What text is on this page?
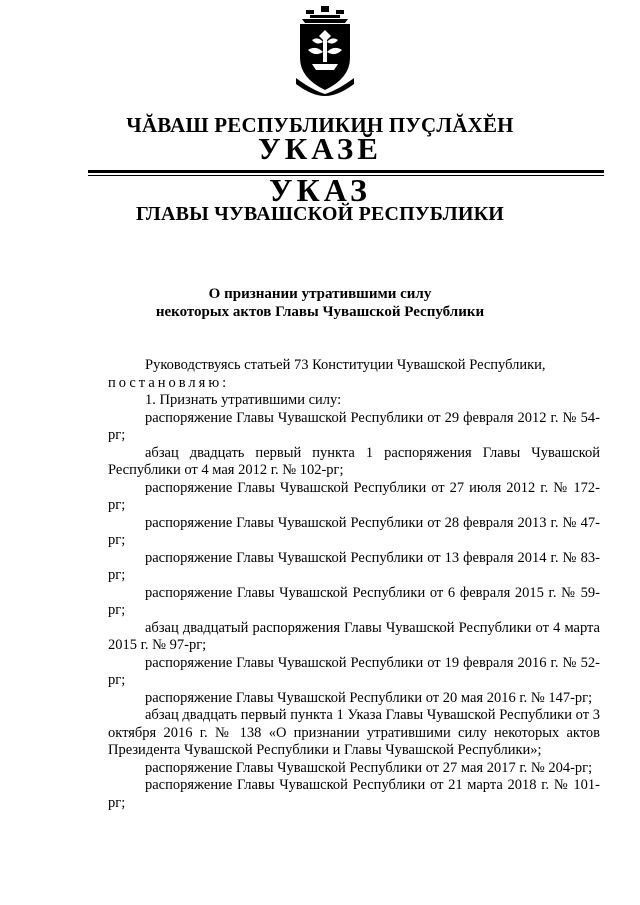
ЧĂВАШ РЕСПУБЛИКИН ПУÇЛĂХĔН
УКАЗĔ
УКАЗ
ГЛАВЫ ЧУВАШСКОЙ РЕСПУБЛИКИ
О признании утратившими силу
некоторых актов Главы Чувашской Республики

Руководствуясь статьей 73 Конституции Чувашской Республики,

постановляю:

1. Признать утратившими силу:

распоряжение Главы Чувашской Республики от 29 февраля 2012 г. № 54-рг;

абзац двадцать первый пункта 1 распоряжения Главы Чувашской Республики от 4 мая 2012 г. № 102-рг;

распоряжение Главы Чувашской Республики от 27 июля 2012 г. № 172-рг;

распоряжение Главы Чувашской Республики от 28 февраля 2013 г. № 47-рг;

распоряжение Главы Чувашской Республики от 13 февраля 2014 г. № 83-рг;

распоряжение Главы Чувашской Республики от 6 февраля 2015 г. № 59-рг;

абзац двадцатый распоряжения Главы Чувашской Республики от 4 марта 2015 г. № 97-рг;

распоряжение Главы Чувашской Республики от 19 февраля 2016 г. № 52-рг;

распоряжение Главы Чувашской Республики от 20 мая 2016 г. № 147-рг;

абзац двадцать первый пункта 1 Указа Главы Чувашской Республики от 3 октября 2016 г. № 138 «О признании утратившими силу некоторых актов Президента Чувашской Республики и Главы Чувашской Республики»;

распоряжение Главы Чувашской Республики от 27 мая 2017 г. № 204-рг;

распоряжение Главы Чувашской Республики от 21 марта 2018 г. № 101-рг;
